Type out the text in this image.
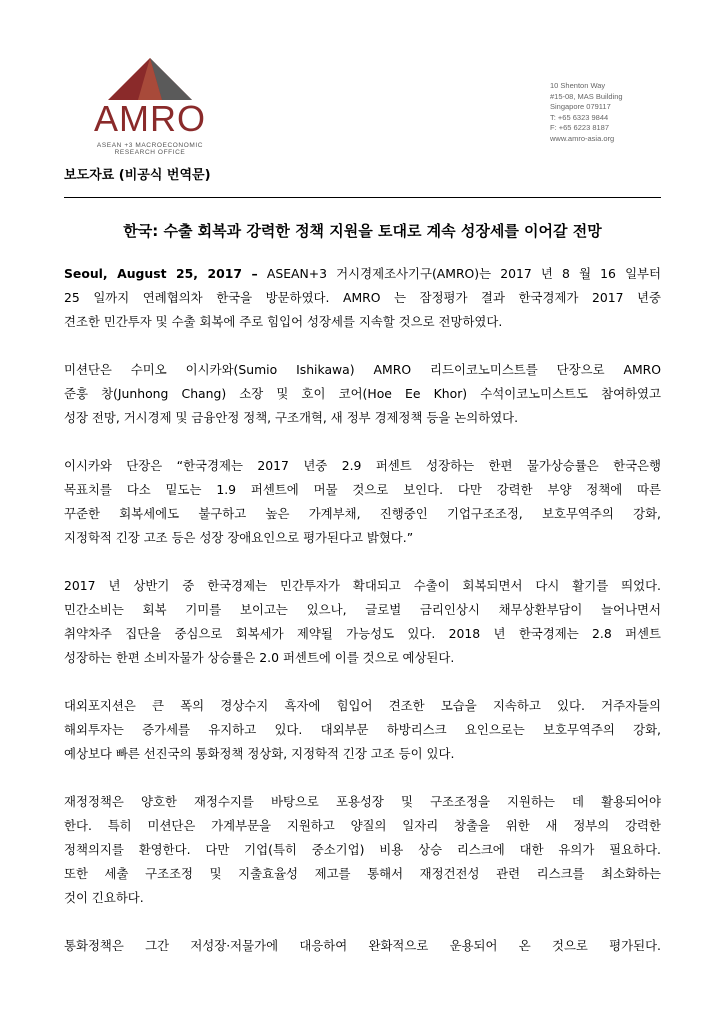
AMRO
ASEAN +3 MACROECONOMIC RESEARCH OFFICE
10 Shenton Way
#15-08, MAS Building
Singapore 079117
T: +65 6323 9844
F: +65 6223 8187
www.amro-asia.org
보도자료 (비공식 번역문)
한국: 수출 회복과 강력한 정책 지원을 토대로 계속 성장세를 이어갈 전망
Seoul, August 25, 2017 – ASEAN+3 거시경제조사기구(AMRO)는 2017 년 8 월 16 일부터
25 일까지 연례협의차 한국을 방문하였다. AMRO 는 잠정평가 결과 한국경제가 2017 년중
견조한 민간투자 및 수출 회복에 주로 힘입어 성장세를 지속할 것으로 전망하였다.
미션단은 수미오 이시카와(Sumio Ishikawa) AMRO 리드이코노미스트를 단장으로 AMRO
준훙 창(Junhong Chang) 소장 및 호이 코어(Hoe Ee Khor) 수석이코노미스트도 참여하였고
성장 전망, 거시경제 및 금융안정 정책, 구조개혁, 새 정부 경제정책 등을 논의하였다.
이시카와 단장은 “한국경제는 2017 년중 2.9 퍼센트 성장하는 한편 물가상승률은 한국은행
목표치를 다소 밑도는 1.9 퍼센트에 머물 것으로 보인다. 다만 강력한 부양 정책에 따른
꾸준한 회복세에도 불구하고 높은 가계부채, 진행중인 기업구조조정, 보호무역주의 강화,
지정학적 긴장 고조 등은 성장 장애요인으로 평가된다고 밝혔다.”
2017 년 상반기 중 한국경제는 민간투자가 확대되고 수출이 회복되면서 다시 활기를 띄었다.
민간소비는 회복 기미를 보이고는 있으나, 글로벌 금리인상시 채무상환부담이 늘어나면서
취약차주 집단을 중심으로 회복세가 제약될 가능성도 있다. 2018 년 한국경제는 2.8 퍼센트
성장하는 한편 소비자물가 상승률은 2.0 퍼센트에 이를 것으로 예상된다.
대외포지션은 큰 폭의 경상수지 흑자에 힘입어 견조한 모습을 지속하고 있다. 거주자들의
해외투자는 증가세를 유지하고 있다. 대외부문 하방리스크 요인으로는 보호무역주의 강화,
예상보다 빠른 선진국의 통화정책 정상화, 지정학적 긴장 고조 등이 있다.
재정정책은 양호한 재정수지를 바탕으로 포용성장 및 구조조정을 지원하는 데 활용되어야
한다. 특히 미션단은 가계부문을 지원하고 양질의 일자리 창출을 위한 새 정부의 강력한
정책의지를 환영한다. 다만 기업(특히 중소기업) 비용 상승 리스크에 대한 유의가 필요하다.
또한 세출 구조조정 및 지출효율성 제고를 통해서 재정건전성 관련 리스크를 최소화하는
것이 긴요하다.
통화정책은 그간 저성장·저물가에 대응하여 완화적으로 운용되어 온 것으로 평가된다.
